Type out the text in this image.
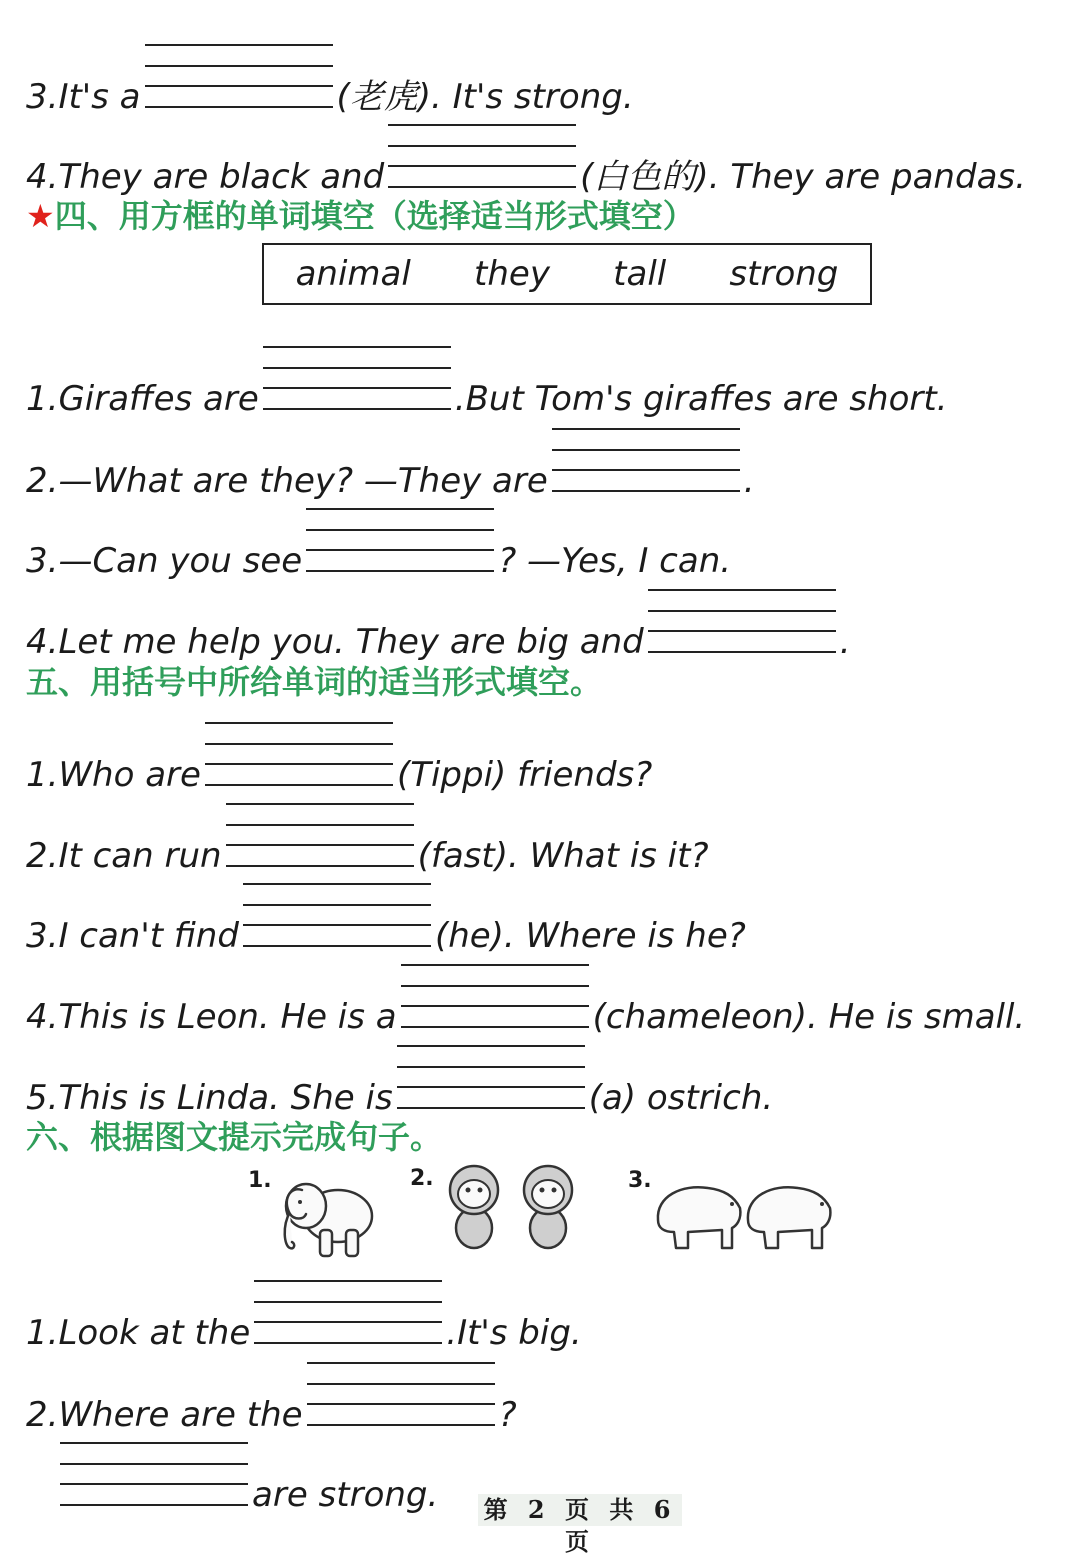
3.It's a	(老虎). It's strong.
4.They are black and	(白色的). They are pandas.
★四、用方框的单词填空（选择适当形式填空）
animal they tall strong
1.Giraffes are	.But Tom's giraffes are short.
2.—What are they? —They are	.
3.—Can you see	? —Yes, I can.
4.Let me help you. They are big and	.
五、用括号中所给单词的适当形式填空。
1.Who are	(Tippi) friends?
2.It can run	(fast). What is it?
3.I can't find	(he). Where is he?
4.This is Leon. He is a	(chameleon). He is small.
5.This is Linda. She is	(a) ostrich.
六、根据图文提示完成句子。
1.	2.	3.
1.Look at the	.It's big.
2.Where are the	?
are strong. 第 2 页 共 6 页
